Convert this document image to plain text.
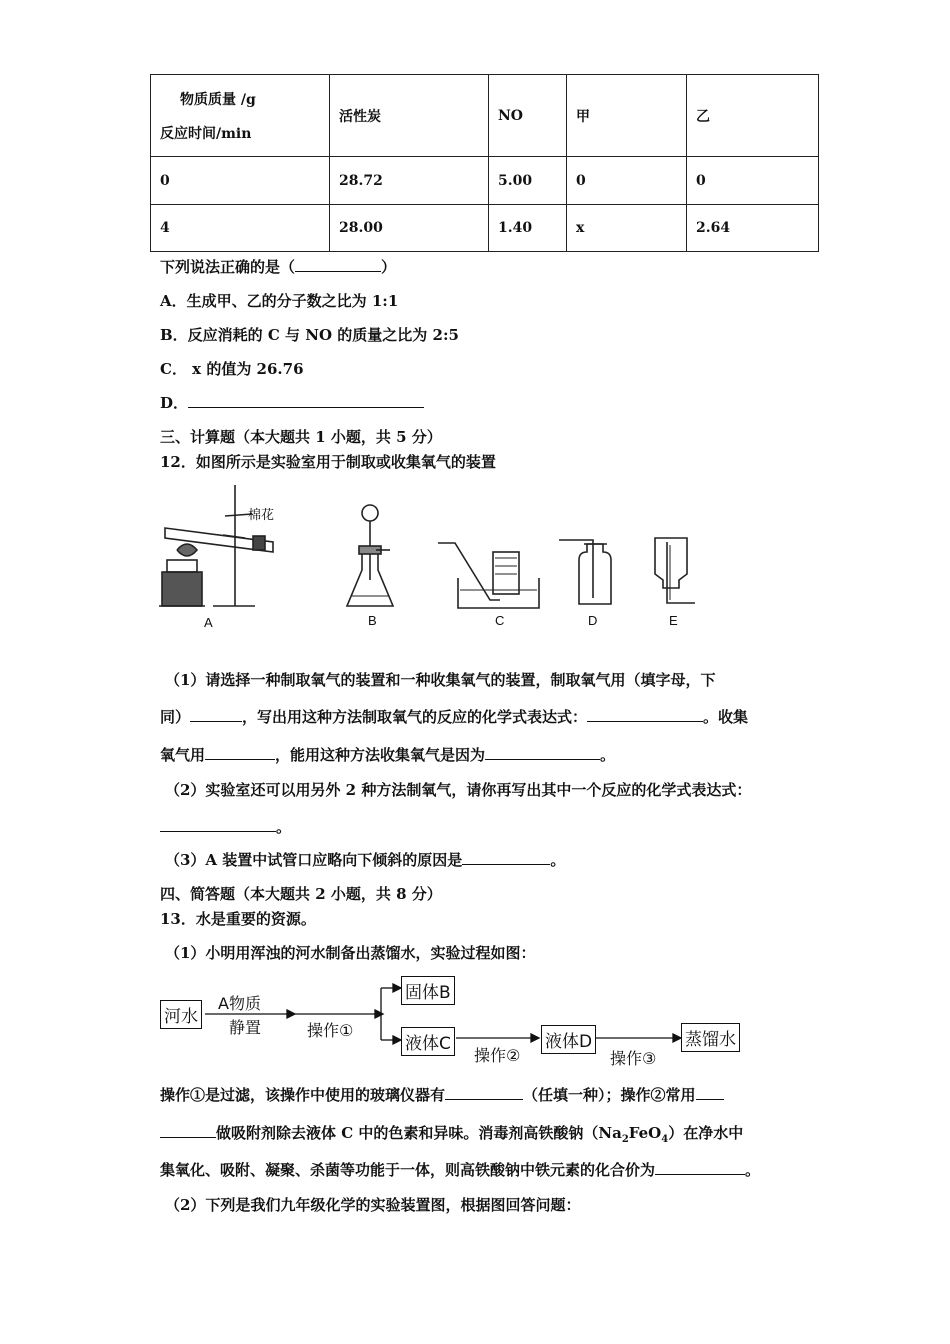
物质质量 /g
反应时间/min	活性炭	NO	甲	乙
0	28.72	5.00	0	0
4	28.00	1.40	x	2.64
下列说法正确的是（	）
A．生成甲、乙的分子数之比为 1:1
B．反应消耗的 C 与 NO 的质量之比为 2:5
C． x 的值为 26.76
D．
三、计算题（本大题共 1 小题，共 5 分）
12．如图所示是实验室用于制取或收集氧气的装置
棉花
A	B	C	D	E
（1）请选择一种制取氧气的装置和一种收集氧气的装置，制取氧气用（填字母，下
同）	，写出用这种方法制取氧气的反应的化学式表达式：	。收集
氧气用	，能用这种方法收集氧气是因为	。
（2）实验室还可以用另外 2 种方法制氧气，请你再写出其中一个反应的化学式表达式：
。
（3）A 装置中试管口应略向下倾斜的原因是	。
四、简答题（本大题共 2 小题，共 8 分）
13．水是重要的资源。
（1）小明用浑浊的河水制备出蒸馏水，实验过程如图：
河水
A物质
静置	操作①
固体B
液体C
操作②
液体D
操作③
蒸馏水
操作①是过滤，该操作中使用的玻璃仪器有	（任填一种）；操作②常用
做吸附剂除去液体 C 中的色素和异味。消毒剂高铁酸钠$(Na_2FeO_4)$在净水中
集氧化、吸附、凝聚、杀菌等功能于一体，则高铁酸钠中铁元素的化合价为	。
（2）下列是我们九年级化学的实验装置图，根据图回答问题：
